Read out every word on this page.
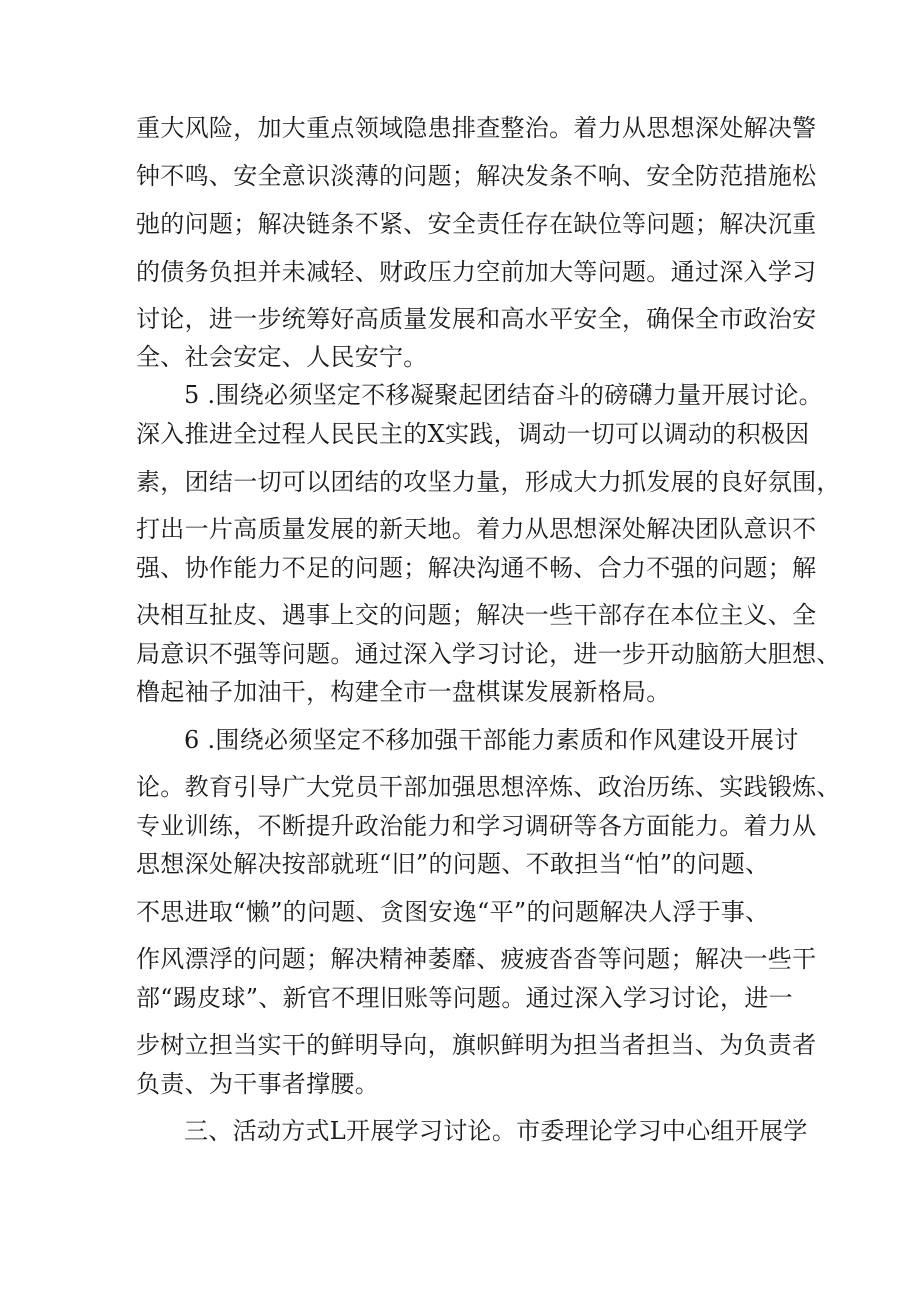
重大风险，加大重点领域隐患排查整治。着力从思想深处解决警
钟不鸣、安全意识淡薄的问题；解决发条不响、安全防范措施松
弛的问题；解决链条不紧、安全责任存在缺位等问题；解决沉重
的债务负担并未减轻、财政压力空前加大等问题。通过深入学习
讨论，进一步统筹好高质量发展和高水平安全，确保全市政治安
全、社会安定、人民安宁。
5 .围绕必须坚定不移凝聚起团结奋斗的磅礴力量开展讨论。
深入推进全过程人民民主的X实践，调动一切可以调动的积极因
素，团结一切可以团结的攻坚力量，形成大力抓发展的良好氛围，
打出一片高质量发展的新天地。着力从思想深处解决团队意识不
强、协作能力不足的问题；解决沟通不畅、合力不强的问题；解
决相互扯皮、遇事上交的问题；解决一些干部存在本位主义、全
局意识不强等问题。通过深入学习讨论，进一步开动脑筋大胆想、
橹起袖子加油干，构建全市一盘棋谋发展新格局。
6 .围绕必须坚定不移加强干部能力素质和作风建设开展讨
论。教育引导广大党员干部加强思想淬炼、政治历练、实践锻炼、
专业训练，不断提升政治能力和学习调研等各方面能力。着力从
思想深处解决按部就班“旧”的问题、不敢担当“怕”的问题、
不思进取“懒”的问题、贪图安逸“平”的问题解决人浮于事、
作风漂浮的问题；解决精神萎靡、疲疲沓沓等问题；解决一些干
部“踢皮球”、新官不理旧账等问题。通过深入学习讨论，进一
步树立担当实干的鲜明导向，旗帜鲜明为担当者担当、为负责者
负责、为干事者撑腰。
三、活动方式L开展学习讨论。市委理论学习中心组开展学
